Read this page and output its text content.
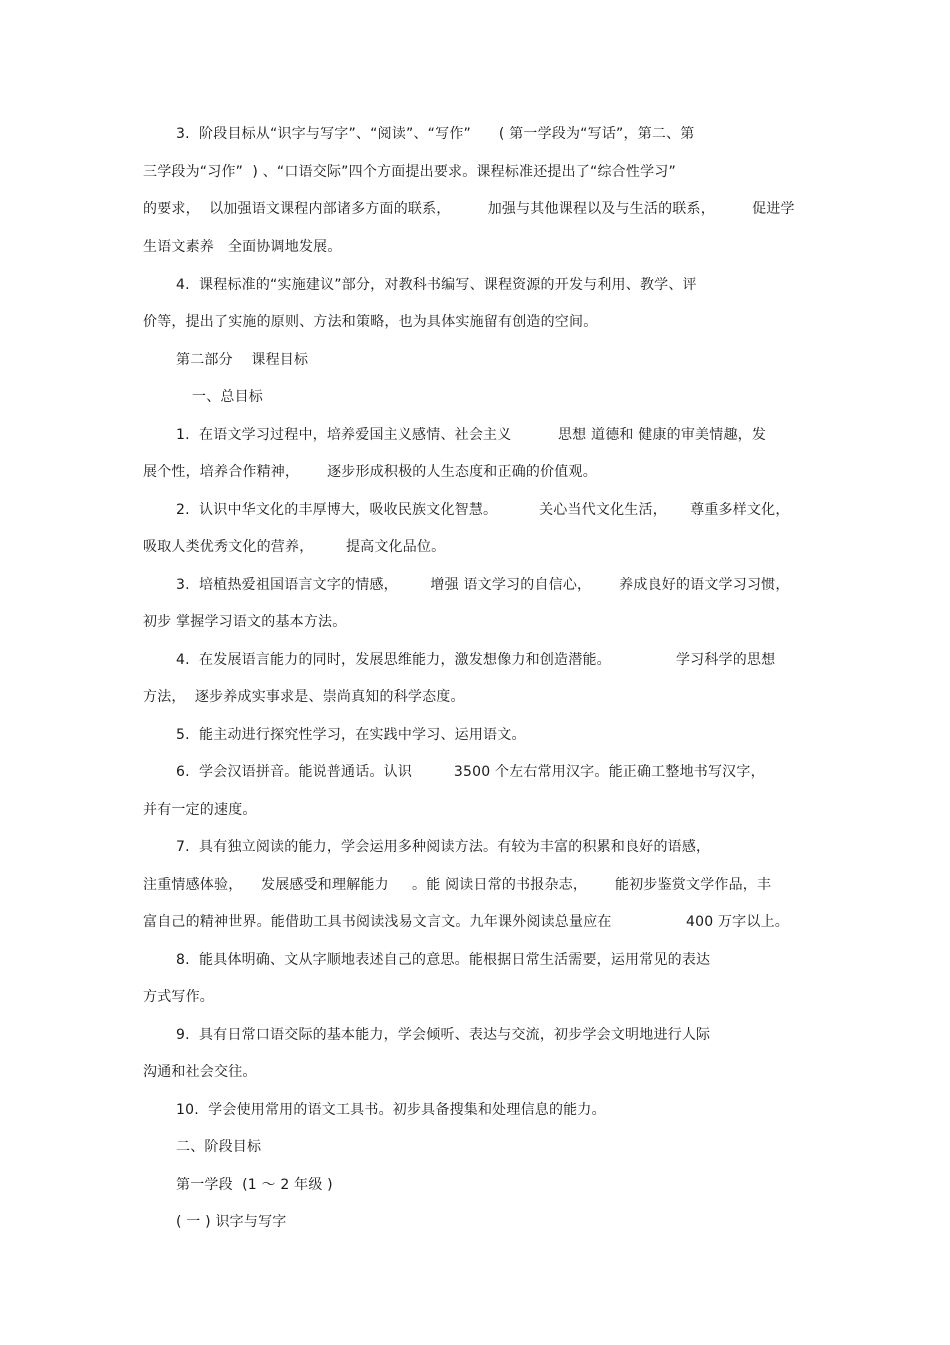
3.  阶段目标从“识字与写字”、“阅读”、“写作”      ( 第一学段为“写话”，第二、第
三学段为“习作”  ) 、“口语交际”四个方面提出要求。课程标准还提出了“综合性学习”
的要求，  以加强语文课程内部诸多方面的联系，        加强与其他课程以及与生活的联系，        促进学
生语文素养   全面协调地发展。
4.  课程标准的“实施建议”部分，对教科书编写、课程资源的开发与利用、教学、评
价等，提出了实施的原则、方法和策略，也为具体实施留有创造的空间。
第二部分    课程目标
一、总目标
1.  在语文学习过程中，培养爱国主义感情、社会主义          思想 道德和 健康的审美情趣，发
展个性，培养合作精神，      逐步形成积极的人生态度和正确的价值观。
2.  认识中华文化的丰厚博大，吸收民族文化智慧。         关心当代文化生活，     尊重多样文化，
吸取人类优秀文化的营养，       提高文化品位。
3.  培植热爱祖国语言文字的情感，       增强 语文学习的自信心，      养成良好的语文学习习惯，
初步 掌握学习语文的基本方法。
4.  在发展语言能力的同时，发展思维能力，激发想像力和创造潜能。              学习科学的思想
方法，  逐步养成实事求是、崇尚真知的科学态度。
5.  能主动进行探究性学习，在实践中学习、运用语文。
6.  学会汉语拼音。能说普通话。认识         3500 个左右常用汉字。能正确工整地书写汉字，
并有一定的速度。
7.  具有独立阅读的能力，学会运用多种阅读方法。有较为丰富的积累和良好的语感，
注重情感体验，    发展感受和理解能力     。能 阅读日常的书报杂志，      能初步鉴赏文学作品，丰
富自己的精神世界。能借助工具书阅读浅易文言文。九年课外阅读总量应在                400 万字以上。
8.  能具体明确、文从字顺地表述自己的意思。能根据日常生活需要，运用常见的表达
方式写作。
9.  具有日常口语交际的基本能力，学会倾听、表达与交流，初步学会文明地进行人际
沟通和社会交往。
10.  学会使用常用的语文工具书。初步具备搜集和处理信息的能力。
二、阶段目标
第一学段  (1 ～ 2 年级 )
( 一 ) 识字与写字
